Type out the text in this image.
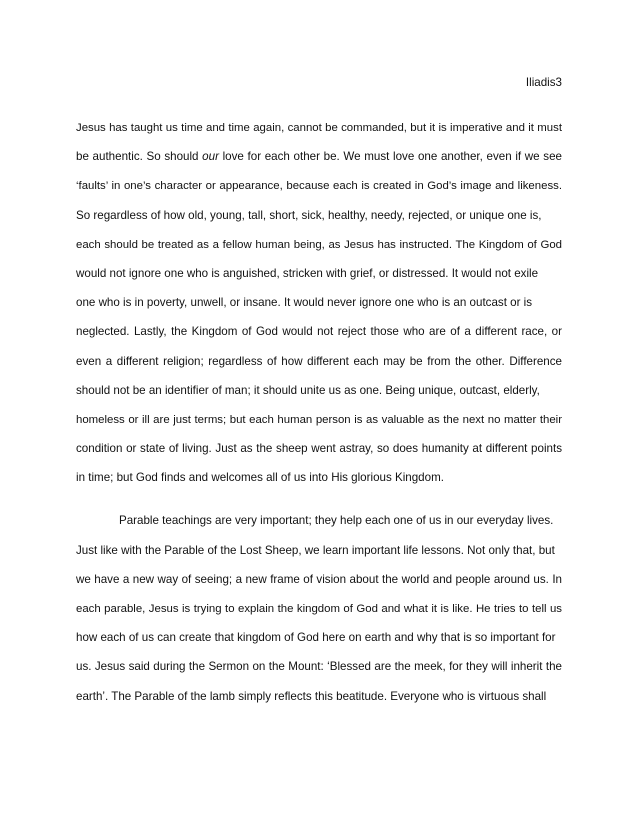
Iliadis3
Jesus has taught us time and time again, cannot be commanded, but it is imperative and it must
be authentic. So should our love for each other be. We must love one another, even if we see
‘faults’ in one’s character or appearance, because each is created in God’s image and likeness.
So regardless of how old, young, tall, short, sick, healthy, needy, rejected, or unique one is,
each should be treated as a fellow human being, as Jesus has instructed. The Kingdom of God
would not ignore one who is anguished, stricken with grief, or distressed. It would not exile
one who is in poverty, unwell, or insane. It would never ignore one who is an outcast or is
neglected. Lastly, the Kingdom of God would not reject those who are of a different race, or
even a different religion; regardless of how different each may be from the other. Difference
should not be an identifier of man; it should unite us as one. Being unique, outcast, elderly,
homeless or ill are just terms; but each human person is as valuable as the next no matter their
condition or state of living. Just as the sheep went astray, so does humanity at different points
in time; but God finds and welcomes all of us into His glorious Kingdom.
Parable teachings are very important; they help each one of us in our everyday lives.
Just like with the Parable of the Lost Sheep, we learn important life lessons. Not only that, but
we have a new way of seeing; a new frame of vision about the world and people around us. In
each parable, Jesus is trying to explain the kingdom of God and what it is like. He tries to tell us
how each of us can create that kingdom of God here on earth and why that is so important for
us. Jesus said during the Sermon on the Mount: ‘Blessed are the meek, for they will inherit the
earth’. The Parable of the lamb simply reflects this beatitude. Everyone who is virtuous shall
